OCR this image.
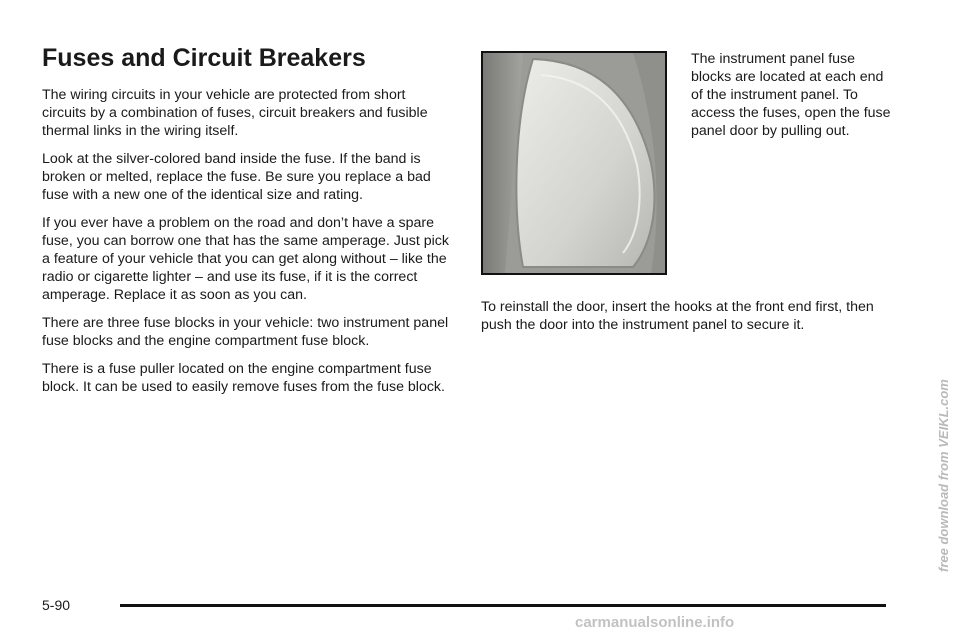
Fuses and Circuit Breakers

The wiring circuits in your vehicle are protected from short circuits by a combination of fuses, circuit breakers and fusible thermal links in the wiring itself.

Look at the silver-colored band inside the fuse. If the band is broken or melted, replace the fuse. Be sure you replace a bad fuse with a new one of the identical size and rating.

If you ever have a problem on the road and don’t have a spare fuse, you can borrow one that has the same amperage. Just pick a feature of your vehicle that you can get along without – like the radio or cigarette lighter – and use its fuse, if it is the correct amperage. Replace it as soon as you can.

There are three fuse blocks in your vehicle: two instrument panel fuse blocks and the engine compartment fuse block.

There is a fuse puller located on the engine compartment fuse block. It can be used to easily remove fuses from the fuse block.

The instrument panel fuse blocks are located at each end of the instrument panel. To access the fuses, open the fuse panel door by pulling out.

To reinstall the door, insert the hooks at the front end first, then push the door into the instrument panel to secure it.

5-90
free download from VEIKL.com
carmanualsonline.info
